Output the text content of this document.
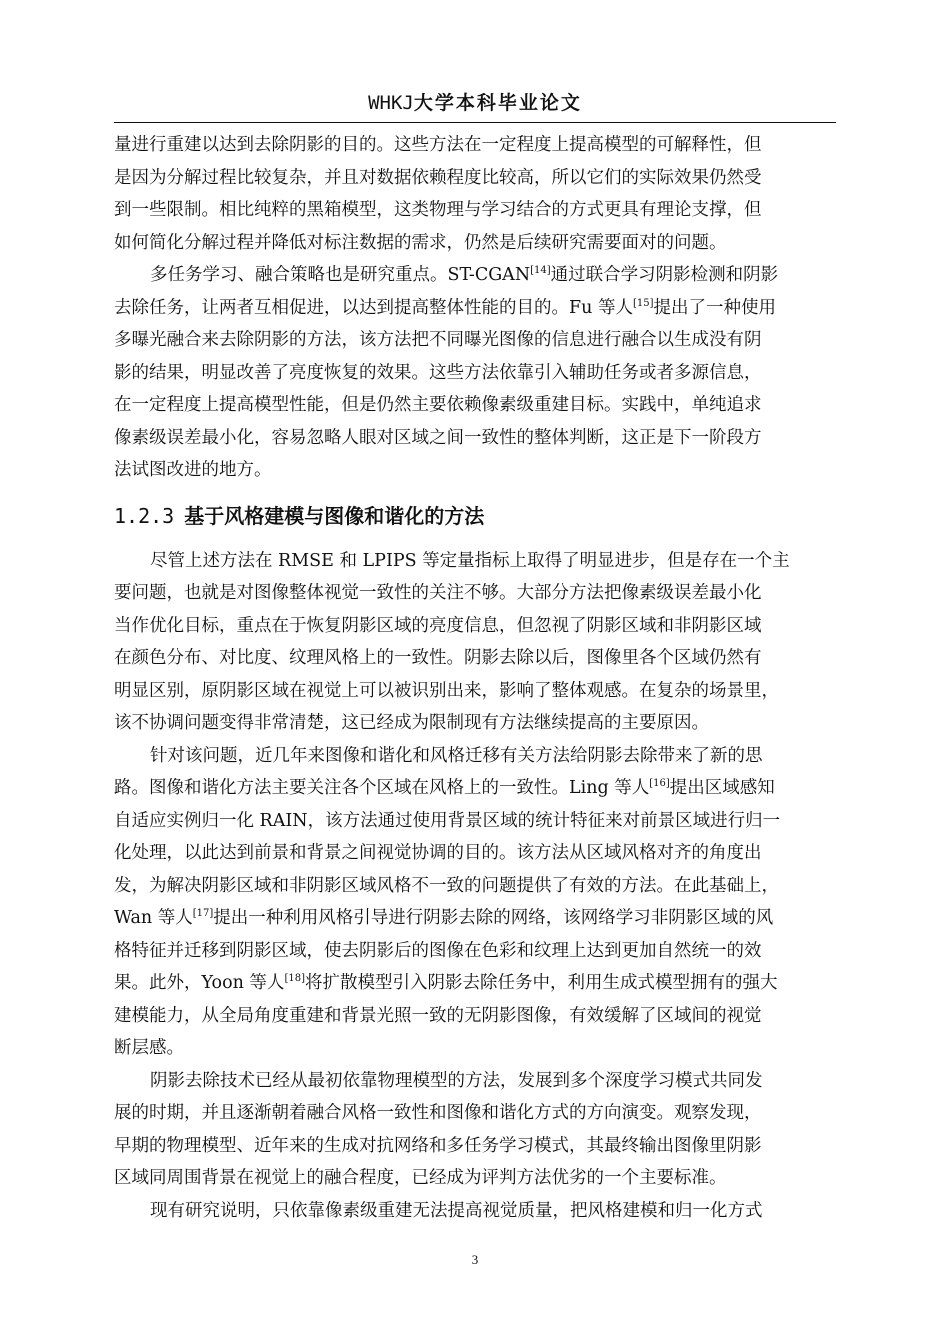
WHKJ大学本科毕业论文
量进行重建以达到去除阴影的目的。这些方法在一定程度上提高模型的可解释性，但
是因为分解过程比较复杂，并且对数据依赖程度比较高，所以它们的实际效果仍然受
到一些限制。相比纯粹的黑箱模型，这类物理与学习结合的方式更具有理论支撑，但
如何简化分解过程并降低对标注数据的需求，仍然是后续研究需要面对的问题。
多任务学习、融合策略也是研究重点。ST-CGAN[14]通过联合学习阴影检测和阴影
去除任务，让两者互相促进，以达到提高整体性能的目的。Fu 等人[15]提出了一种使用
多曝光融合来去除阴影的方法，该方法把不同曝光图像的信息进行融合以生成没有阴
影的结果，明显改善了亮度恢复的效果。这些方法依靠引入辅助任务或者多源信息，
在一定程度上提高模型性能，但是仍然主要依赖像素级重建目标。实践中，单纯追求
像素级误差最小化，容易忽略人眼对区域之间一致性的整体判断，这正是下一阶段方
法试图改进的地方。
1.2.3 基于风格建模与图像和谐化的方法
尽管上述方法在 RMSE 和 LPIPS 等定量指标上取得了明显进步，但是存在一个主
要问题，也就是对图像整体视觉一致性的关注不够。大部分方法把像素级误差最小化
当作优化目标，重点在于恢复阴影区域的亮度信息，但忽视了阴影区域和非阴影区域
在颜色分布、对比度、纹理风格上的一致性。阴影去除以后，图像里各个区域仍然有
明显区别，原阴影区域在视觉上可以被识别出来，影响了整体观感。在复杂的场景里，
该不协调问题变得非常清楚，这已经成为限制现有方法继续提高的主要原因。
针对该问题，近几年来图像和谐化和风格迁移有关方法给阴影去除带来了新的思
路。图像和谐化方法主要关注各个区域在风格上的一致性。Ling 等人[16]提出区域感知
自适应实例归一化 RAIN，该方法通过使用背景区域的统计特征来对前景区域进行归一
化处理，以此达到前景和背景之间视觉协调的目的。该方法从区域风格对齐的角度出
发，为解决阴影区域和非阴影区域风格不一致的问题提供了有效的方法。在此基础上，
Wan 等人[17]提出一种利用风格引导进行阴影去除的网络，该网络学习非阴影区域的风
格特征并迁移到阴影区域，使去阴影后的图像在色彩和纹理上达到更加自然统一的效
果。此外，Yoon 等人[18]将扩散模型引入阴影去除任务中，利用生成式模型拥有的强大
建模能力，从全局角度重建和背景光照一致的无阴影图像，有效缓解了区域间的视觉
断层感。
阴影去除技术已经从最初依靠物理模型的方法，发展到多个深度学习模式共同发
展的时期，并且逐渐朝着融合风格一致性和图像和谐化方式的方向演变。观察发现，
早期的物理模型、近年来的生成对抗网络和多任务学习模式，其最终输出图像里阴影
区域同周围背景在视觉上的融合程度，已经成为评判方法优劣的一个主要标准。
现有研究说明，只依靠像素级重建无法提高视觉质量，把风格建模和归一化方式
3
